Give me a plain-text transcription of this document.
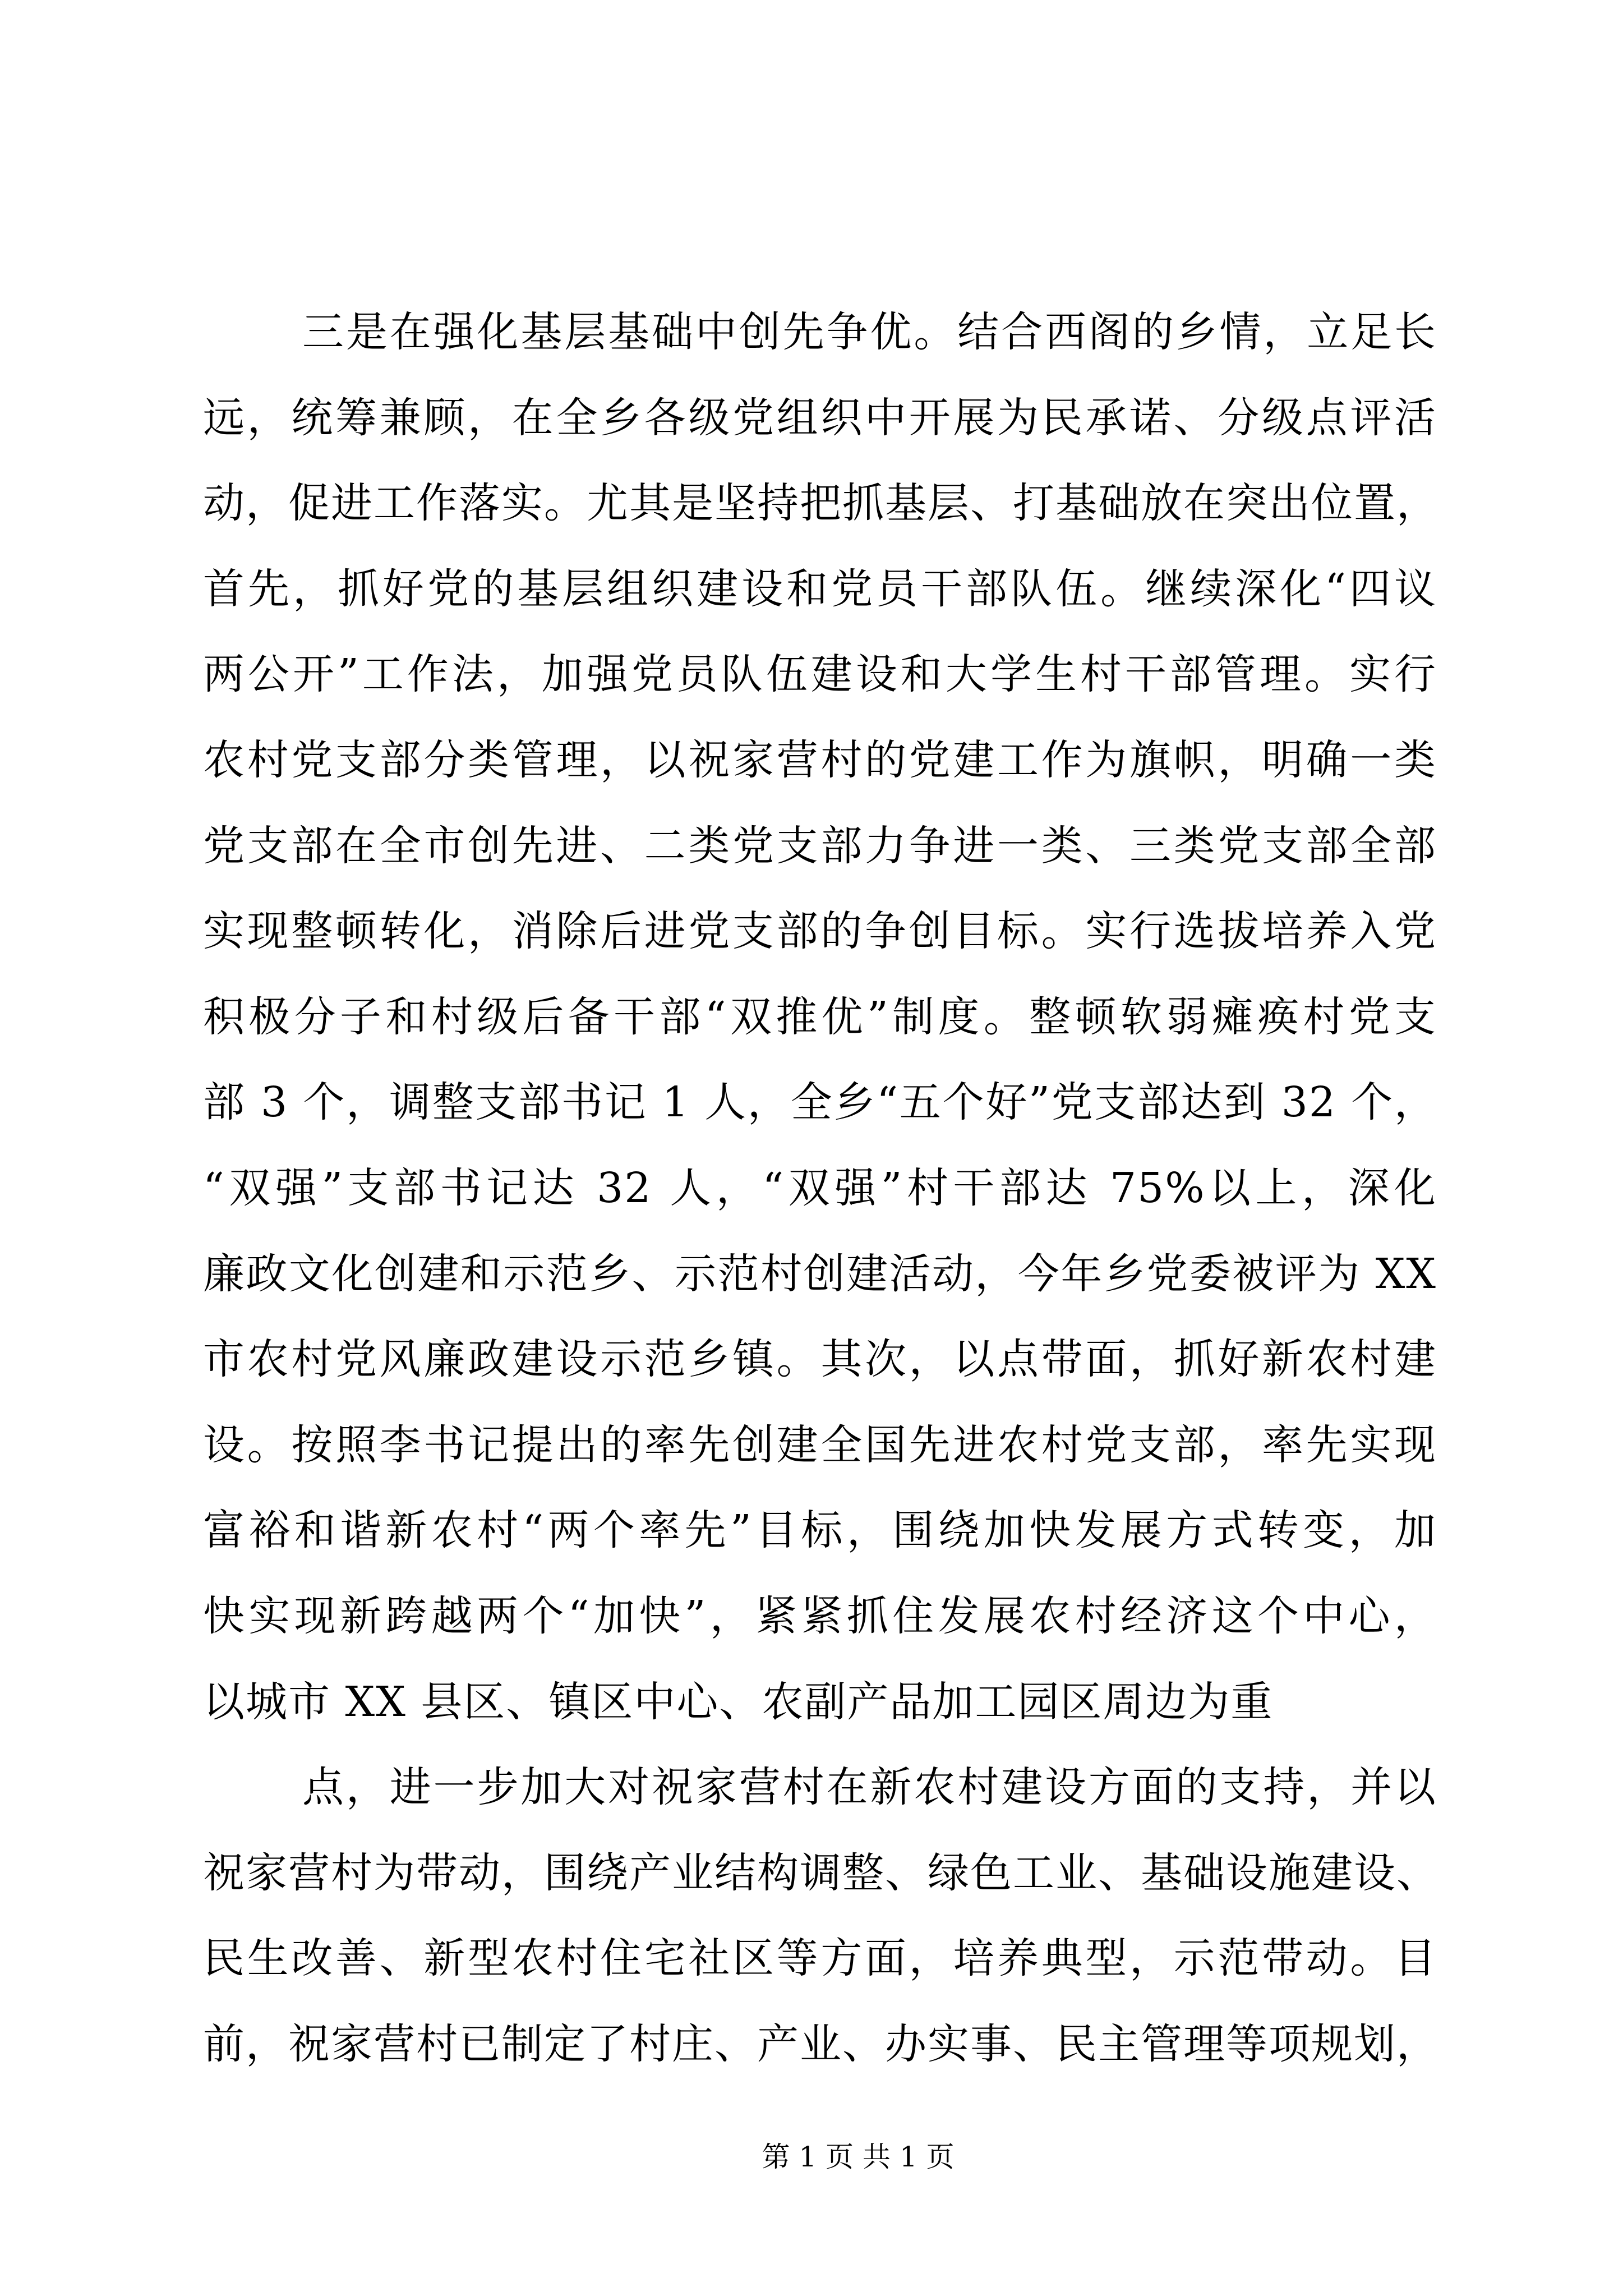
三是在强化基层基础中创先争优。结合西阁的乡情，立足长
远，统筹兼顾，在全乡各级党组织中开展为民承诺、分级点评活
动，促进工作落实。尤其是坚持把抓基层、打基础放在突出位置，
首先，抓好党的基层组织建设和党员干部队伍。继续深化“四议
两公开”工作法，加强党员队伍建设和大学生村干部管理。实行
农村党支部分类管理，以祝家营村的党建工作为旗帜，明确一类
党支部在全市创先进、二类党支部力争进一类、三类党支部全部
实现整顿转化，消除后进党支部的争创目标。实行选拔培养入党
积极分子和村级后备干部“双推优”制度。整顿软弱瘫痪村党支
部 3 个，调整支部书记 1 人，全乡“五个好”党支部达到 32 个，
“双强”支部书记达 32 人，“双强”村干部达 75%以上，深化
廉政文化创建和示范乡、示范村创建活动，今年乡党委被评为 XX
市农村党风廉政建设示范乡镇。其次，以点带面，抓好新农村建
设。按照李书记提出的率先创建全国先进农村党支部，率先实现
富裕和谐新农村“两个率先”目标，围绕加快发展方式转变，加
快实现新跨越两个“加快”，紧紧抓住发展农村经济这个中心，
以城市 XX 县区、镇区中心、农副产品加工园区周边为重
点，进一步加大对祝家营村在新农村建设方面的支持，并以
祝家营村为带动，围绕产业结构调整、绿色工业、基础设施建设、
民生改善、新型农村住宅社区等方面，培养典型，示范带动。目
前，祝家营村已制定了村庄、产业、办实事、民主管理等项规划，
第 1 页 共 1 页
